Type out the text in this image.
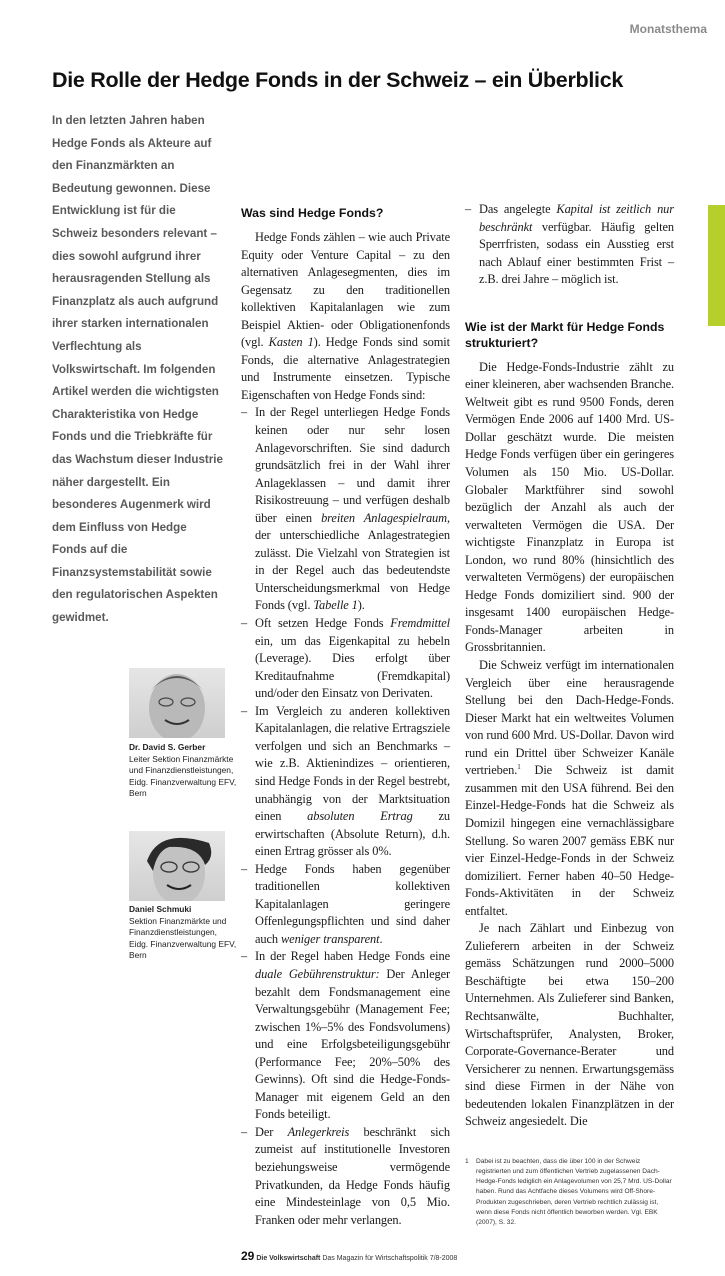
Monatsthema
Die Rolle der Hedge Fonds in der Schweiz – ein Überblick
In den letzten Jahren haben Hedge Fonds als Akteure auf den Finanzmärkten an Bedeutung gewonnen. Diese Entwicklung ist für die Schweiz besonders relevant – dies sowohl aufgrund ihrer herausragenden Stellung als Finanzplatz als auch aufgrund ihrer starken internationalen Verflechtung als Volkswirtschaft. Im folgenden Artikel werden die wichtigsten Charakteristika von Hedge Fonds und die Triebkräfte für das Wachstum dieser Industrie näher dargestellt. Ein besonderes Augenmerk wird dem Einfluss von Hedge Fonds auf die Finanzsystemstabilität sowie den regulatorischen Aspekten gewidmet.
Was sind Hedge Fonds?

Hedge Fonds zählen – wie auch Private Equity oder Venture Capital – zu den alternativen Anlagesegmenten, dies im Gegensatz zu den traditionellen kollektiven Kapitalanlagen wie zum Beispiel Aktien- oder Obligationenfonds (vgl. Kasten 1). Hedge Fonds sind somit Fonds, die alternative Anlagestrategien und Instrumente einsetzen. Typische Eigenschaften von Hedge Fonds sind:

– In der Regel unterliegen Hedge Fonds keinen oder nur sehr losen Anlagevorschriften. Sie sind dadurch grundsätzlich frei in der Wahl ihrer Anlageklassen – und damit ihrer Risikostreuung – und verfügen deshalb über einen breiten Anlagespielraum, der unterschiedliche Anlagestrategien zulässt. Die Vielzahl von Strategien ist in der Regel auch das bedeutendste Unterscheidungsmerkmal von Hedge Fonds (vgl. Tabelle 1).
– Oft setzen Hedge Fonds Fremdmittel ein, um das Eigenkapital zu hebeln (Leverage). Dies erfolgt über Kreditaufnahme (Fremdkapital) und/oder den Einsatz von Derivaten.
– Im Vergleich zu anderen kollektiven Kapitalanlagen, die relative Ertragsziele verfolgen und sich an Benchmarks – wie z.B. Aktienindizes – orientieren, sind Hedge Fonds in der Regel bestrebt, unabhängig von der Marktsituation einen absoluten Ertrag zu erwirtschaften (Absolute Return), d.h. einen Ertrag grösser als 0%.
– Hedge Fonds haben gegenüber traditionellen kollektiven Kapitalanlagen geringere Offenlegungspflichten und sind daher auch weniger transparent.
– In der Regel haben Hedge Fonds eine duale Gebührenstruktur: Der Anleger bezahlt dem Fondsmanagement eine Verwaltungsgebühr (Management Fee; zwischen 1%–5% des Fondsvolumens) und eine Erfolgsbeteiligungsgebühr (Performance Fee; 20%–50% des Gewinns). Oft sind die Hedge-Fonds-Manager mit eigenem Geld an den Fonds beteiligt.
– Der Anlegerkreis beschränkt sich zumeist auf institutionelle Investoren beziehungsweise vermögende Privatkunden, da Hedge Fonds häufig eine Mindesteinlage von 0,5 Mio. Franken oder mehr verlangen.
29 Die Volkswirtschaft Das Magazin für Wirtschaftspolitik 7/8-2008
– Das angelegte Kapital ist zeitlich nur beschränkt verfügbar. Häufig gelten Sperrfristen, sodass ein Ausstieg erst nach Ablauf einer bestimmten Frist – z.B. drei Jahre – möglich ist.
Wie ist der Markt für Hedge Fonds strukturiert?

Die Hedge-Fonds-Industrie zählt zu einer kleineren, aber wachsenden Branche. Weltweit gibt es rund 9500 Fonds, deren Vermögen Ende 2006 auf 1400 Mrd. US-Dollar geschätzt wurde. Die meisten Hedge Fonds verfügen über ein geringeres Volumen als 150 Mio. US-Dollar. Globaler Marktführer sind sowohl bezüglich der Anzahl als auch der verwalteten Vermögen die USA. Der wichtigste Finanzplatz in Europa ist London, wo rund 80% (hinsichtlich des verwalteten Vermögens) der europäischen Hedge Fonds domiziliert sind. 900 der insgesamt 1400 europäischen Hedge-Fonds-Manager arbeiten in Grossbritannien.

Die Schweiz verfügt im internationalen Vergleich über eine herausragende Stellung bei den Dach-Hedge-Fonds. Dieser Markt hat ein weltweites Volumen von rund 600 Mrd. US-Dollar. Davon wird rund ein Drittel über Schweizer Kanäle vertrieben.$^1$ Die Schweiz ist damit zusammen mit den USA führend. Bei den Einzel-Hedge-Fonds hat die Schweiz als Domizil hingegen eine vernachlässigbare Stellung. So waren 2007 gemäss EBK nur vier Einzel-Hedge-Fonds in der Schweiz domiziliert. Ferner haben 40–50 Hedge-Fonds-Aktivitäten in der Schweiz entfaltet.

Je nach Zählart und Einbezug von Zulieferern arbeiten in der Schweiz gemäss Schätzungen rund 2000–5000 Beschäftigte bei etwa 150–200 Unternehmen. Als Zulieferer sind Banken, Rechtsanwälte, Buchhalter, Wirtschaftsprüfer, Analysten, Broker, Corporate-Governance-Berater und Versicherer zu nennen. Erwartungsgemäss sind diese Firmen in der Nähe von bedeutenden lokalen Finanzplätzen in der Schweiz angesiedelt. Die

1 Dabei ist zu beachten, dass die über 100 in der Schweiz registrierten und zum öffentlichen Vertrieb zugelassenen Dach-Hedge-Fonds lediglich ein Anlagevolumen von 25,7 Mrd. US-Dollar haben. Rund das Achtfache dieses Volumens wird Off-Shore-Produkten zugeschrieben, deren Vertrieb rechtlich zulässig ist, wenn diese Fonds nicht öffentlich beworben werden. Vgl. EBK (2007), S. 32.
Dr. David S. Gerber
Leiter Sektion Finanzmärkte und Finanzdienstleistungen, Eidg. Finanzverwaltung EFV, Bern
Daniel Schmuki
Sektion Finanzmärkte und Finanzdienstleistungen, Eidg. Finanzverwaltung EFV, Bern
